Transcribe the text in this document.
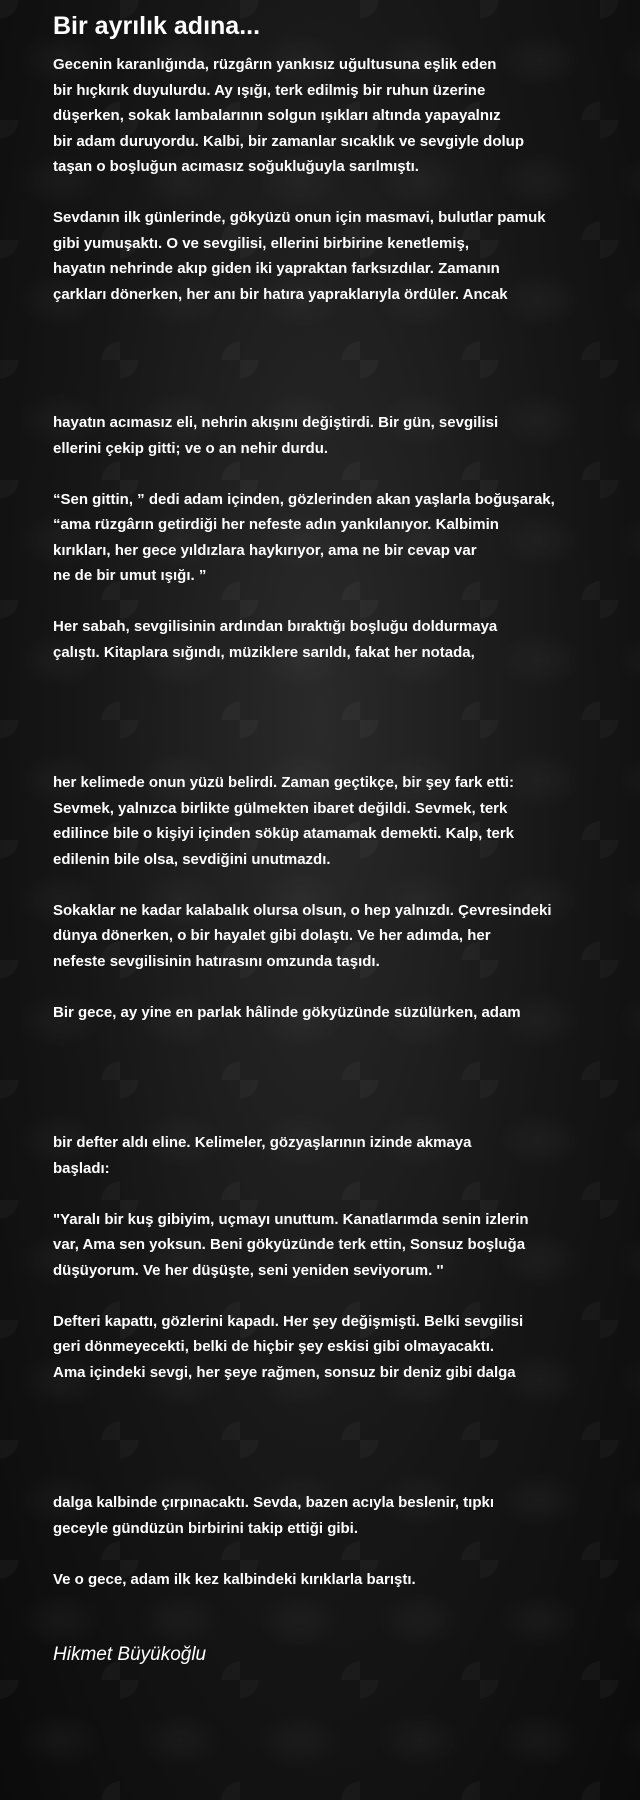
Bir ayrılık adına...

Gecenin karanlığında, rüzgârın yankısız uğultusuna eşlik eden
bir hıçkırık duyulurdu. Ay ışığı, terk edilmiş bir ruhun üzerine
düşerken, sokak lambalarının solgun ışıkları altında yapayalnız
bir adam duruyordu. Kalbi, bir zamanlar sıcaklık ve sevgiyle dolup
taşan o boşluğun acımasız soğukluğuyla sarılmıştı.

Sevdanın ilk günlerinde, gökyüzü onun için masmavi, bulutlar pamuk
gibi yumuşaktı. O ve sevgilisi, ellerini birbirine kenetlemiş,
hayatın nehrinde akıp giden iki yapraktan farksızdılar. Zamanın
çarkları dönerken, her anı bir hatıra yapraklarıyla ördüler. Ancak

hayatın acımasız eli, nehrin akışını değiştirdi. Bir gün, sevgilisi
ellerini çekip gitti; ve o an nehir durdu.

“Sen gittin, ” dedi adam içinden, gözlerinden akan yaşlarla boğuşarak,
“ama rüzgârın getirdiği her nefeste adın yankılanıyor. Kalbimin
kırıkları, her gece yıldızlara haykırıyor, ama ne bir cevap var
ne de bir umut ışığı. ”

Her sabah, sevgilisinin ardından bıraktığı boşluğu doldurmaya
çalıştı. Kitaplara sığındı, müziklere sarıldı, fakat her notada,

her kelimede onun yüzü belirdi. Zaman geçtikçe, bir şey fark etti:
Sevmek, yalnızca birlikte gülmekten ibaret değildi. Sevmek, terk
edilince bile o kişiyi içinden söküp atamamak demekti. Kalp, terk
edilenin bile olsa, sevdiğini unutmazdı.

Sokaklar ne kadar kalabalık olursa olsun, o hep yalnızdı. Çevresindeki
dünya dönerken, o bir hayalet gibi dolaştı. Ve her adımda, her
nefeste sevgilisinin hatırasını omzunda taşıdı.

Bir gece, ay yine en parlak hâlinde gökyüzünde süzülürken, adam

bir defter aldı eline. Kelimeler, gözyaşlarının izinde akmaya
başladı:

"Yaralı bir kuş gibiyim, uçmayı unuttum. Kanatlarımda senin izlerin
var, Ama sen yoksun. Beni gökyüzünde terk ettin, Sonsuz boşluğa
düşüyorum. Ve her düşüşte, seni yeniden seviyorum. ''

Defteri kapattı, gözlerini kapadı. Her şey değişmişti. Belki sevgilisi
geri dönmeyecekti, belki de hiçbir şey eskisi gibi olmayacaktı.
Ama içindeki sevgi, her şeye rağmen, sonsuz bir deniz gibi dalga

dalga kalbinde çırpınacaktı. Sevda, bazen acıyla beslenir, tıpkı
geceyle gündüzün birbirini takip ettiği gibi.

Ve o gece, adam ilk kez kalbindeki kırıklarla barıştı.

Hikmet Büyükoğlu
